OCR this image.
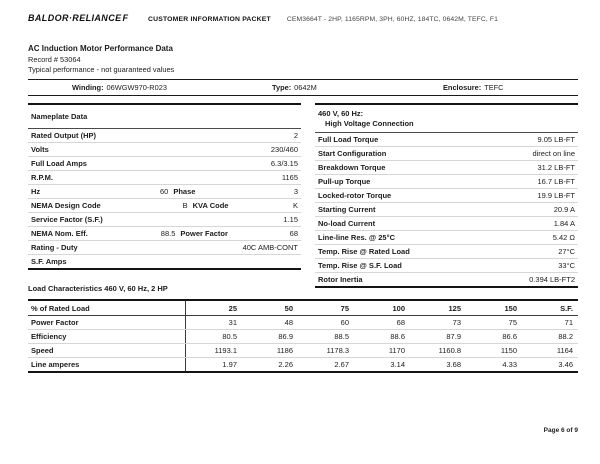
BALDOR·RELIANCE F	CUSTOMER INFORMATION PACKET CEM3664T - 2HP, 1165RPM, 3PH, 60HZ, 184TC, 0642M, TEFC, F1
AC Induction Motor Performance Data
Record # 53064
Typical performance - not guaranteed values
Winding: 06WGW970-R023	Type: 0642M	Enclosure: TEFC
Nameplate Data
Rated Output (HP)	2
Volts	230/460
Full Load Amps	6.3/3.15
R.P.M.	1165
Hz	60 Phase	3
NEMA Design Code	B KVA Code	K
Service Factor (S.F.)	1.15
NEMA Nom. Eff.	88.5 Power Factor	68
Rating - Duty	40C AMB-CONT
S.F. Amps
460 V, 60 Hz:
High Voltage Connection
Full Load Torque	9.05 LB-FT
Start Configuration	direct on line
Breakdown Torque	31.2 LB-FT
Pull-up Torque	16.7 LB-FT
Locked-rotor Torque	19.9 LB-FT
Starting Current	20.9 A
No-load Current	1.84 A
Line-line Res. @ 25°C	5.42 Ω
Temp. Rise @ Rated Load	27°C
Temp. Rise @ S.F. Load	33°C
Rotor Inertia	0.394 LB-FT2
Load Characteristics 460 V, 60 Hz, 2 HP
% of Rated Load	25	50	75	100	125	150	S.F.
Power Factor	31	48	60	68	73	75	71
Efficiency	80.5	86.9	88.5	88.6	87.9	86.6	88.2
Speed	1193.1	1186	1178.3	1170	1160.8	1150	1164
Line amperes	1.97	2.26	2.67	3.14	3.68	4.33	3.46
Page 6 of 9
